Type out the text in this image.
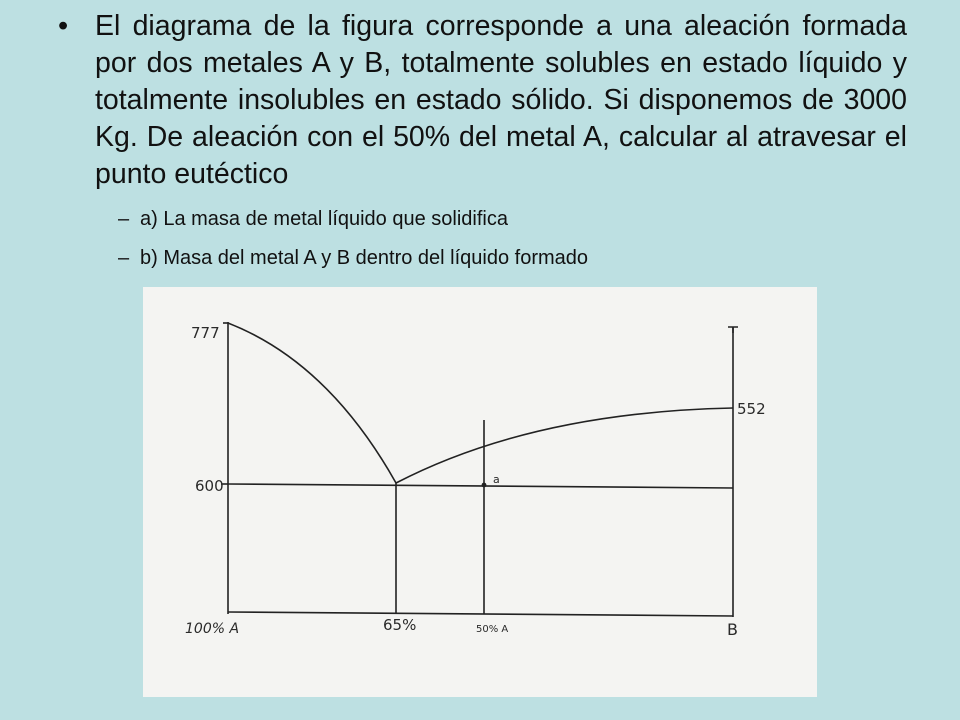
• El diagrama de la figura corresponde a una aleación formada por dos metales A y B, totalmente solubles en estado líquido y totalmente insolubles en estado sólido. Si disponemos de 3000 Kg. De aleación con el 50% del metal A, calcular al atravesar el punto eutéctico
– a) La masa de metal líquido que solidifica
– b) Masa del metal A y B dentro del líquido formado
777
600
552
100% A	65%	50% A	B
a
